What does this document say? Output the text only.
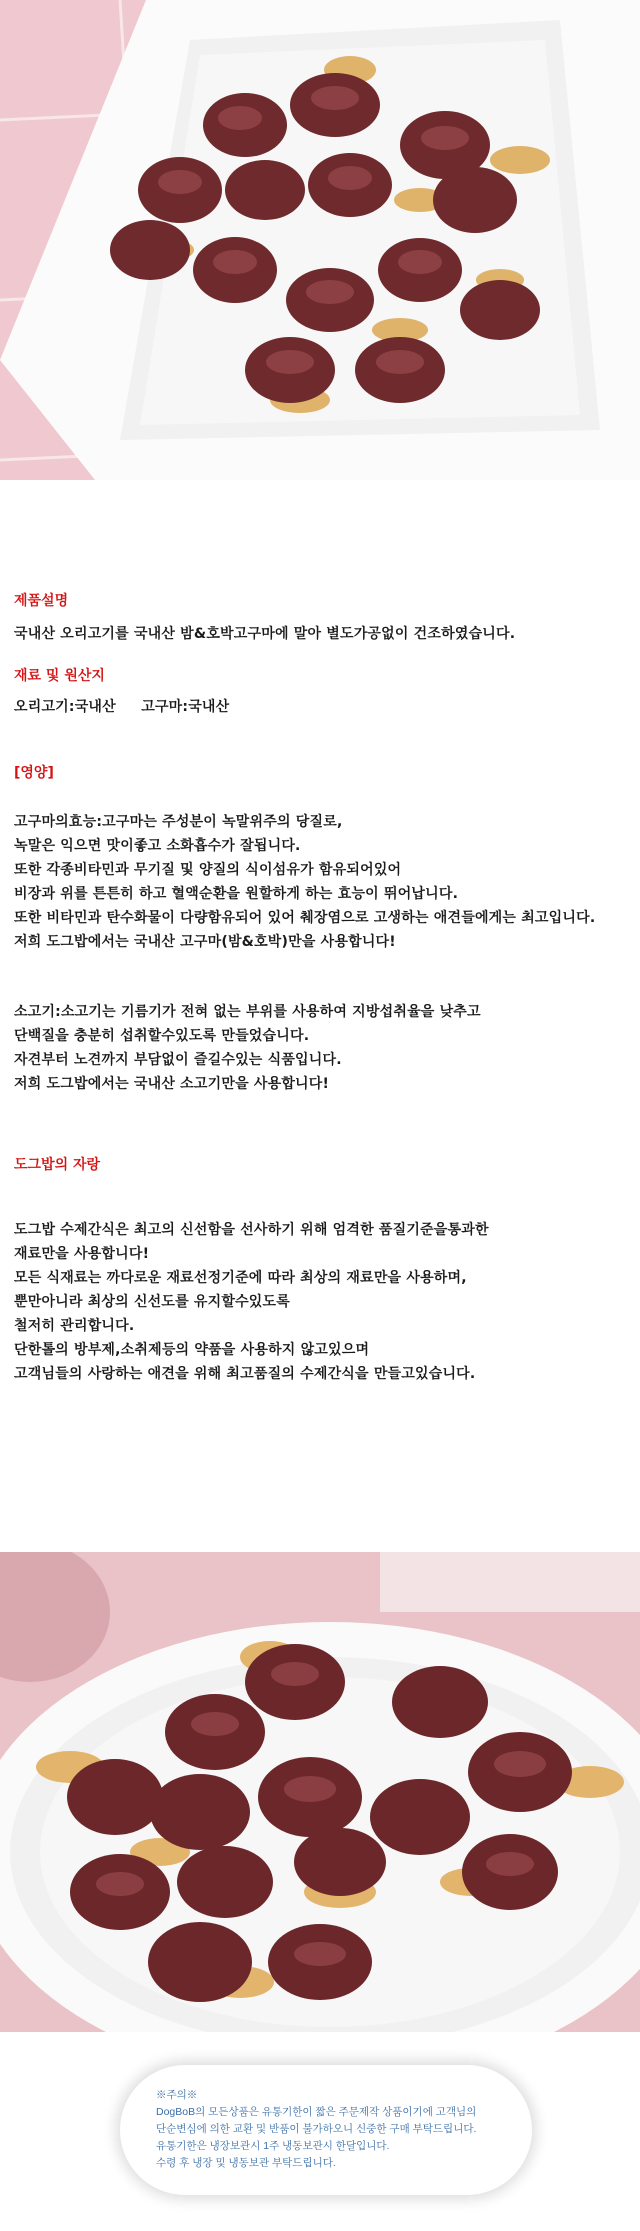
제품설명

국내산 오리고기를 국내산 밤&호박고구마에 말아 별도가공없이 건조하였습니다.

재료 및 원산지

오리고기:국내산     고구마:국내산

[영양]

고구마의효능:고구마는 주성분이 녹말위주의 당질로,

녹말은 익으면 맛이좋고 소화흡수가 잘됩니다.

또한 각종비타민과 무기질 및 양질의 식이섬유가 함유되어있어

비장과 위를 튼튼히 하고 혈액순환을 원할하게 하는 효능이 뛰어납니다.

또한 비타민과 탄수화물이 다량함유되어 있어 췌장염으로 고생하는 애견들에게는 최고입니다.

저희 도그밥에서는 국내산 고구마(밤&호박)만을 사용합니다!

소고기:소고기는 기름기가 전혀 없는 부위를 사용하여 지방섭취율을 낮추고

단백질을 충분히 섭취할수있도록 만들었습니다.

자견부터 노견까지 부담없이 즐길수있는 식품입니다.

저희 도그밥에서는 국내산 소고기만을 사용합니다!

도그밥의 자랑

도그밥 수제간식은 최고의 신선함을 선사하기 위해 엄격한 품질기준을통과한

재료만을 사용합니다!

모든 식재료는 까다로운 재료선정기준에 따라 최상의 재료만을 사용하며,

뿐만아니라 최상의 신선도를 유지할수있도록

철저히 관리합니다.

단한톨의 방부제,소취제등의 약품을 사용하지 않고있으며

고객님들의 사랑하는 애견을 위해 최고품질의 수제간식을 만들고있습니다.

※주의※

DogBoB의 모든상품은 유통기한이 짧은 주문제작 상품이기에 고객님의

단순변심에 의한 교환 및 반품이 불가하오니 신중한 구매 부탁드립니다.

유통기한은 냉장보관시 1주 냉동보관시 한달입니다.

수령 후 냉장 및 냉동보관 부탁드립니다.
